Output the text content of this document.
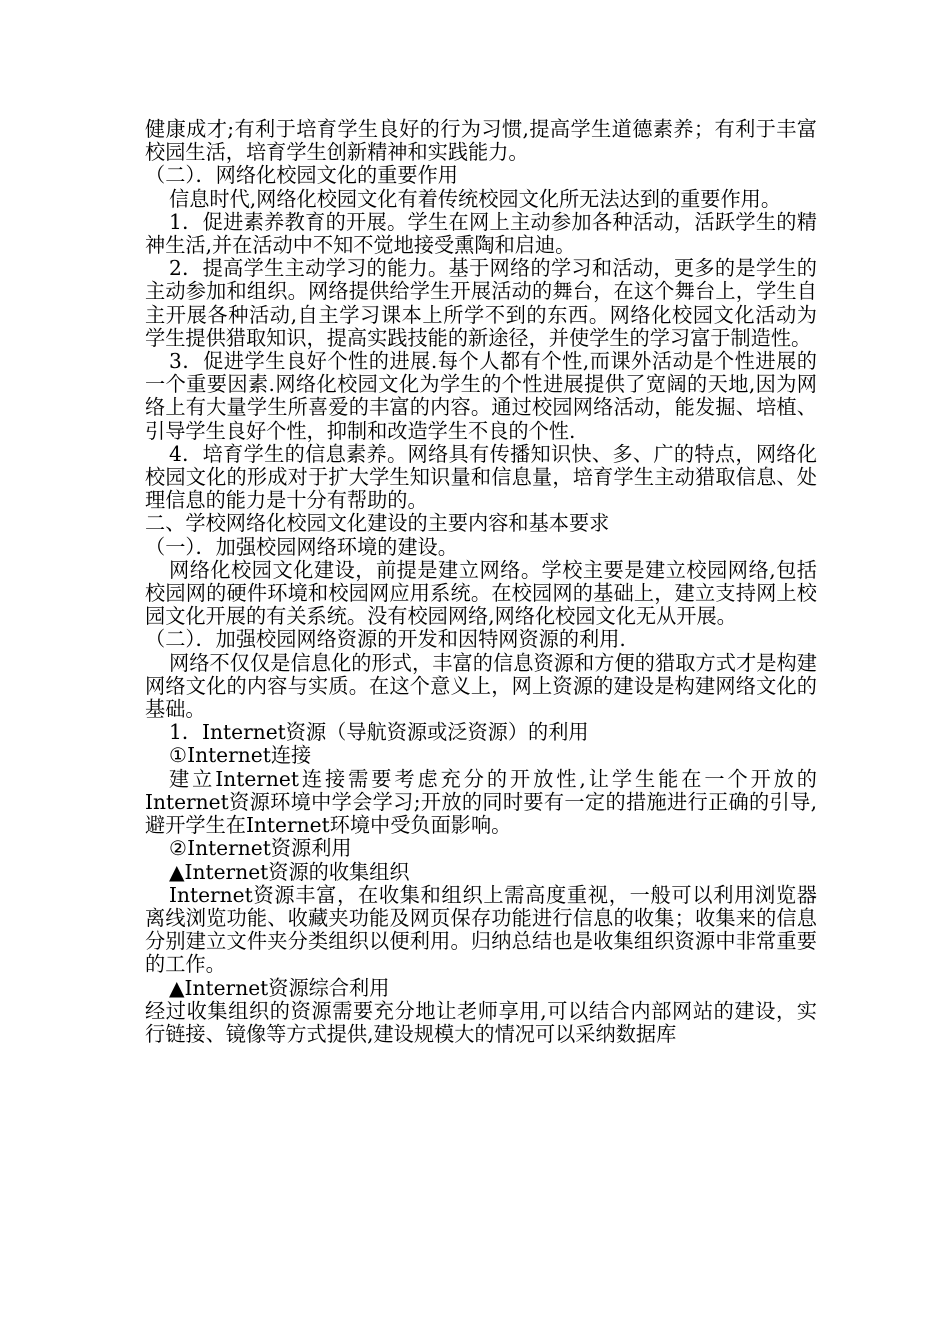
健康成才;有利于培育学生良好的行为习惯,提高学生道德素养；有利于丰富校园生活，培育学生创新精神和实践能力。

（二）．网络化校园文化的重要作用

信息时代,网络化校园文化有着传统校园文化所无法达到的重要作用。

1．促进素养教育的开展。学生在网上主动参加各种活动，活跃学生的精神生活,并在活动中不知不觉地接受熏陶和启迪。

2．提高学生主动学习的能力。基于网络的学习和活动，更多的是学生的主动参加和组织。网络提供给学生开展活动的舞台，在这个舞台上，学生自主开展各种活动,自主学习课本上所学不到的东西。网络化校园文化活动为学生提供猎取知识，提高实践技能的新途径，并使学生的学习富于制造性。

3．促进学生良好个性的进展.每个人都有个性,而课外活动是个性进展的一个重要因素.网络化校园文化为学生的个性进展提供了宽阔的天地,因为网络上有大量学生所喜爱的丰富的内容。通过校园网络活动，能发掘、培植、引导学生良好个性，抑制和改造学生不良的个性.

4．培育学生的信息素养。网络具有传播知识快、多、广的特点，网络化校园文化的形成对于扩大学生知识量和信息量，培育学生主动猎取信息、处理信息的能力是十分有帮助的。

二、学校网络化校园文化建设的主要内容和基本要求

（一）．加强校园网络环境的建设。

网络化校园文化建设，前提是建立网络。学校主要是建立校园网络,包括校园网的硬件环境和校园网应用系统。在校园网的基础上，建立支持网上校园文化开展的有关系统。没有校园网络,网络化校园文化无从开展。

（二）．加强校园网络资源的开发和因特网资源的利用.

网络不仅仅是信息化的形式，丰富的信息资源和方便的猎取方式才是构建网络文化的内容与实质。在这个意义上，网上资源的建设是构建网络文化的基础。

1．Internet资源（导航资源或泛资源）的利用

①Internet连接

建立Internet连接需要考虑充分的开放性,让学生能在一个开放的Internet资源环境中学会学习;开放的同时要有一定的措施进行正确的引导,避开学生在Internet环境中受负面影响。

②Internet资源利用

▲Internet资源的收集组织

Internet资源丰富，在收集和组织上需高度重视，一般可以利用浏览器离线浏览功能、收藏夹功能及网页保存功能进行信息的收集；收集来的信息分别建立文件夹分类组织以便利用。归纳总结也是收集组织资源中非常重要的工作。

▲Internet资源综合利用

经过收集组织的资源需要充分地让老师享用,可以结合内部网站的建设，实行链接、镜像等方式提供,建设规模大的情况可以采纳数据库
